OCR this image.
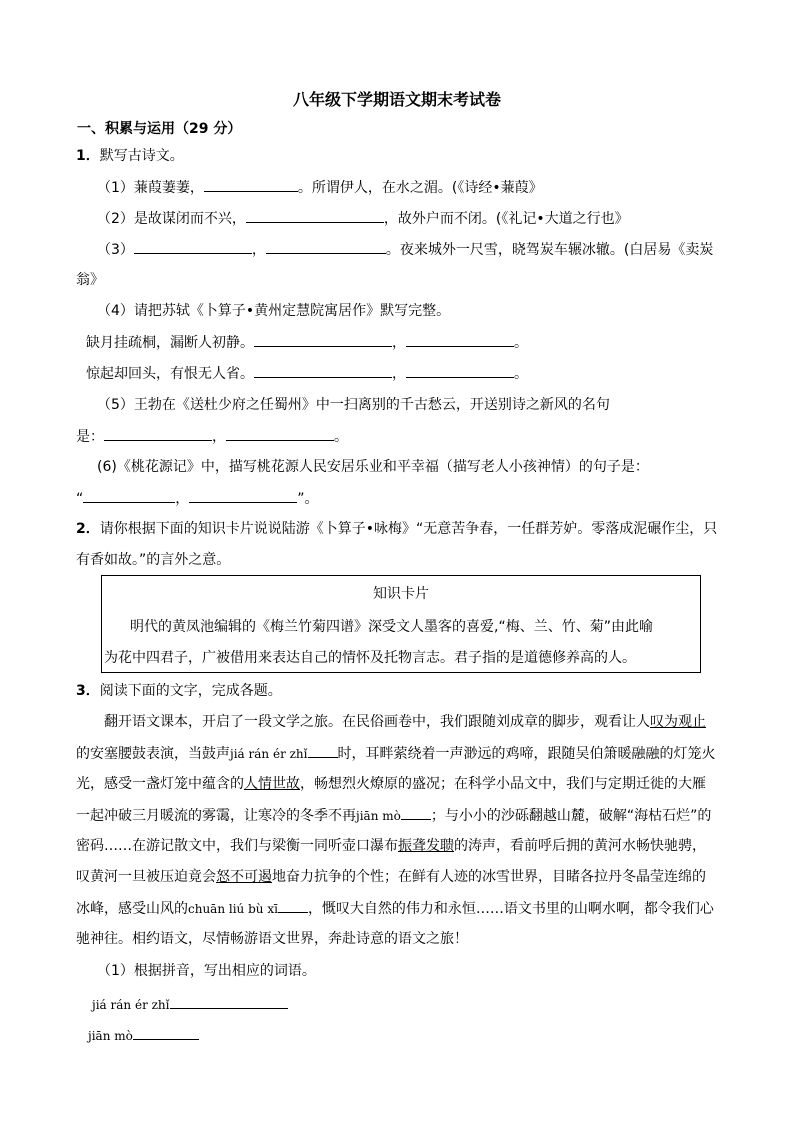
八年级下学期语文期末考试卷
一、积累与运用（29 分）
1．默写古诗文。
（1）蒹葭萋萋，	。所谓伊人，在水之湄。(《诗经•蒹葭》
（2）是故谋闭而不兴，	，故外户而不闭。(《礼记•大道之行也》
（3）	，	。夜来城外一尺雪，晓驾炭车辗冰辙。(白居易《卖炭
翁》
（4）请把苏轼《卜算子•黄州定慧院寓居作》默写完整。
缺月挂疏桐，漏断人初静。	，	。
惊起却回头，有恨无人省。	，	。
（5）王勃在《送杜少府之任蜀州》中一扫离别的千古愁云，开送别诗之新风的名句
是：	，	。
(6)《桃花源记》中，描写桃花源人民安居乐业和平幸福（描写老人小孩神情）的句子是：
“	，	”。
2．请你根据下面的知识卡片说说陆游《卜算子•咏梅》“无意苦争春，一任群芳妒。零落成泥碾作尘，只
有香如故。”的言外之意。
知识卡片
明代的黄凤池编辑的《梅兰竹菊四谱》深受文人墨客的喜爱,“梅、兰、竹、菊”由此喻
为花中四君子，广被借用来表达自己的情怀及托物言志。君子指的是道德修养高的人。
3．阅读下面的文字，完成各题。
翻开语文课本，开启了一段文学之旅。在民俗画卷中，我们跟随刘成章的脚步，观看让人叹为观止
的安塞腰鼓表演，当鼓声jiá rán ér zhǐ 时，耳畔萦绕着一声渺远的鸡啼，跟随吴伯箫暖融融的灯笼火
光，感受一盏灯笼中蕴含的人情世故，畅想烈火燎原的盛况；在科学小品文中，我们与定期迁徙的大雁
一起冲破三月暖流的雾霭，让寒冷的冬季不再jiān mò ；与小小的沙砾翻越山麓，破解“海枯石烂”的
密码……在游记散文中，我们与梁衡一同听壶口瀑布振聋发聩的涛声，看前呼后拥的黄河水畅快驰骋，
叹黄河一旦被压迫竟会怒不可遏地奋力抗争的个性；在鲜有人迹的冰雪世界，目睹各拉丹冬晶莹连绵的
冰峰，感受山风的chuān liú bù xī ，慨叹大自然的伟力和永恒……语文书里的山啊水啊，都令我们心
驰神往。相约语文，尽情畅游语文世界，奔赴诗意的语文之旅！
（1）根据拼音，写出相应的词语。
jiá rán ér zhǐ
jiān mò
